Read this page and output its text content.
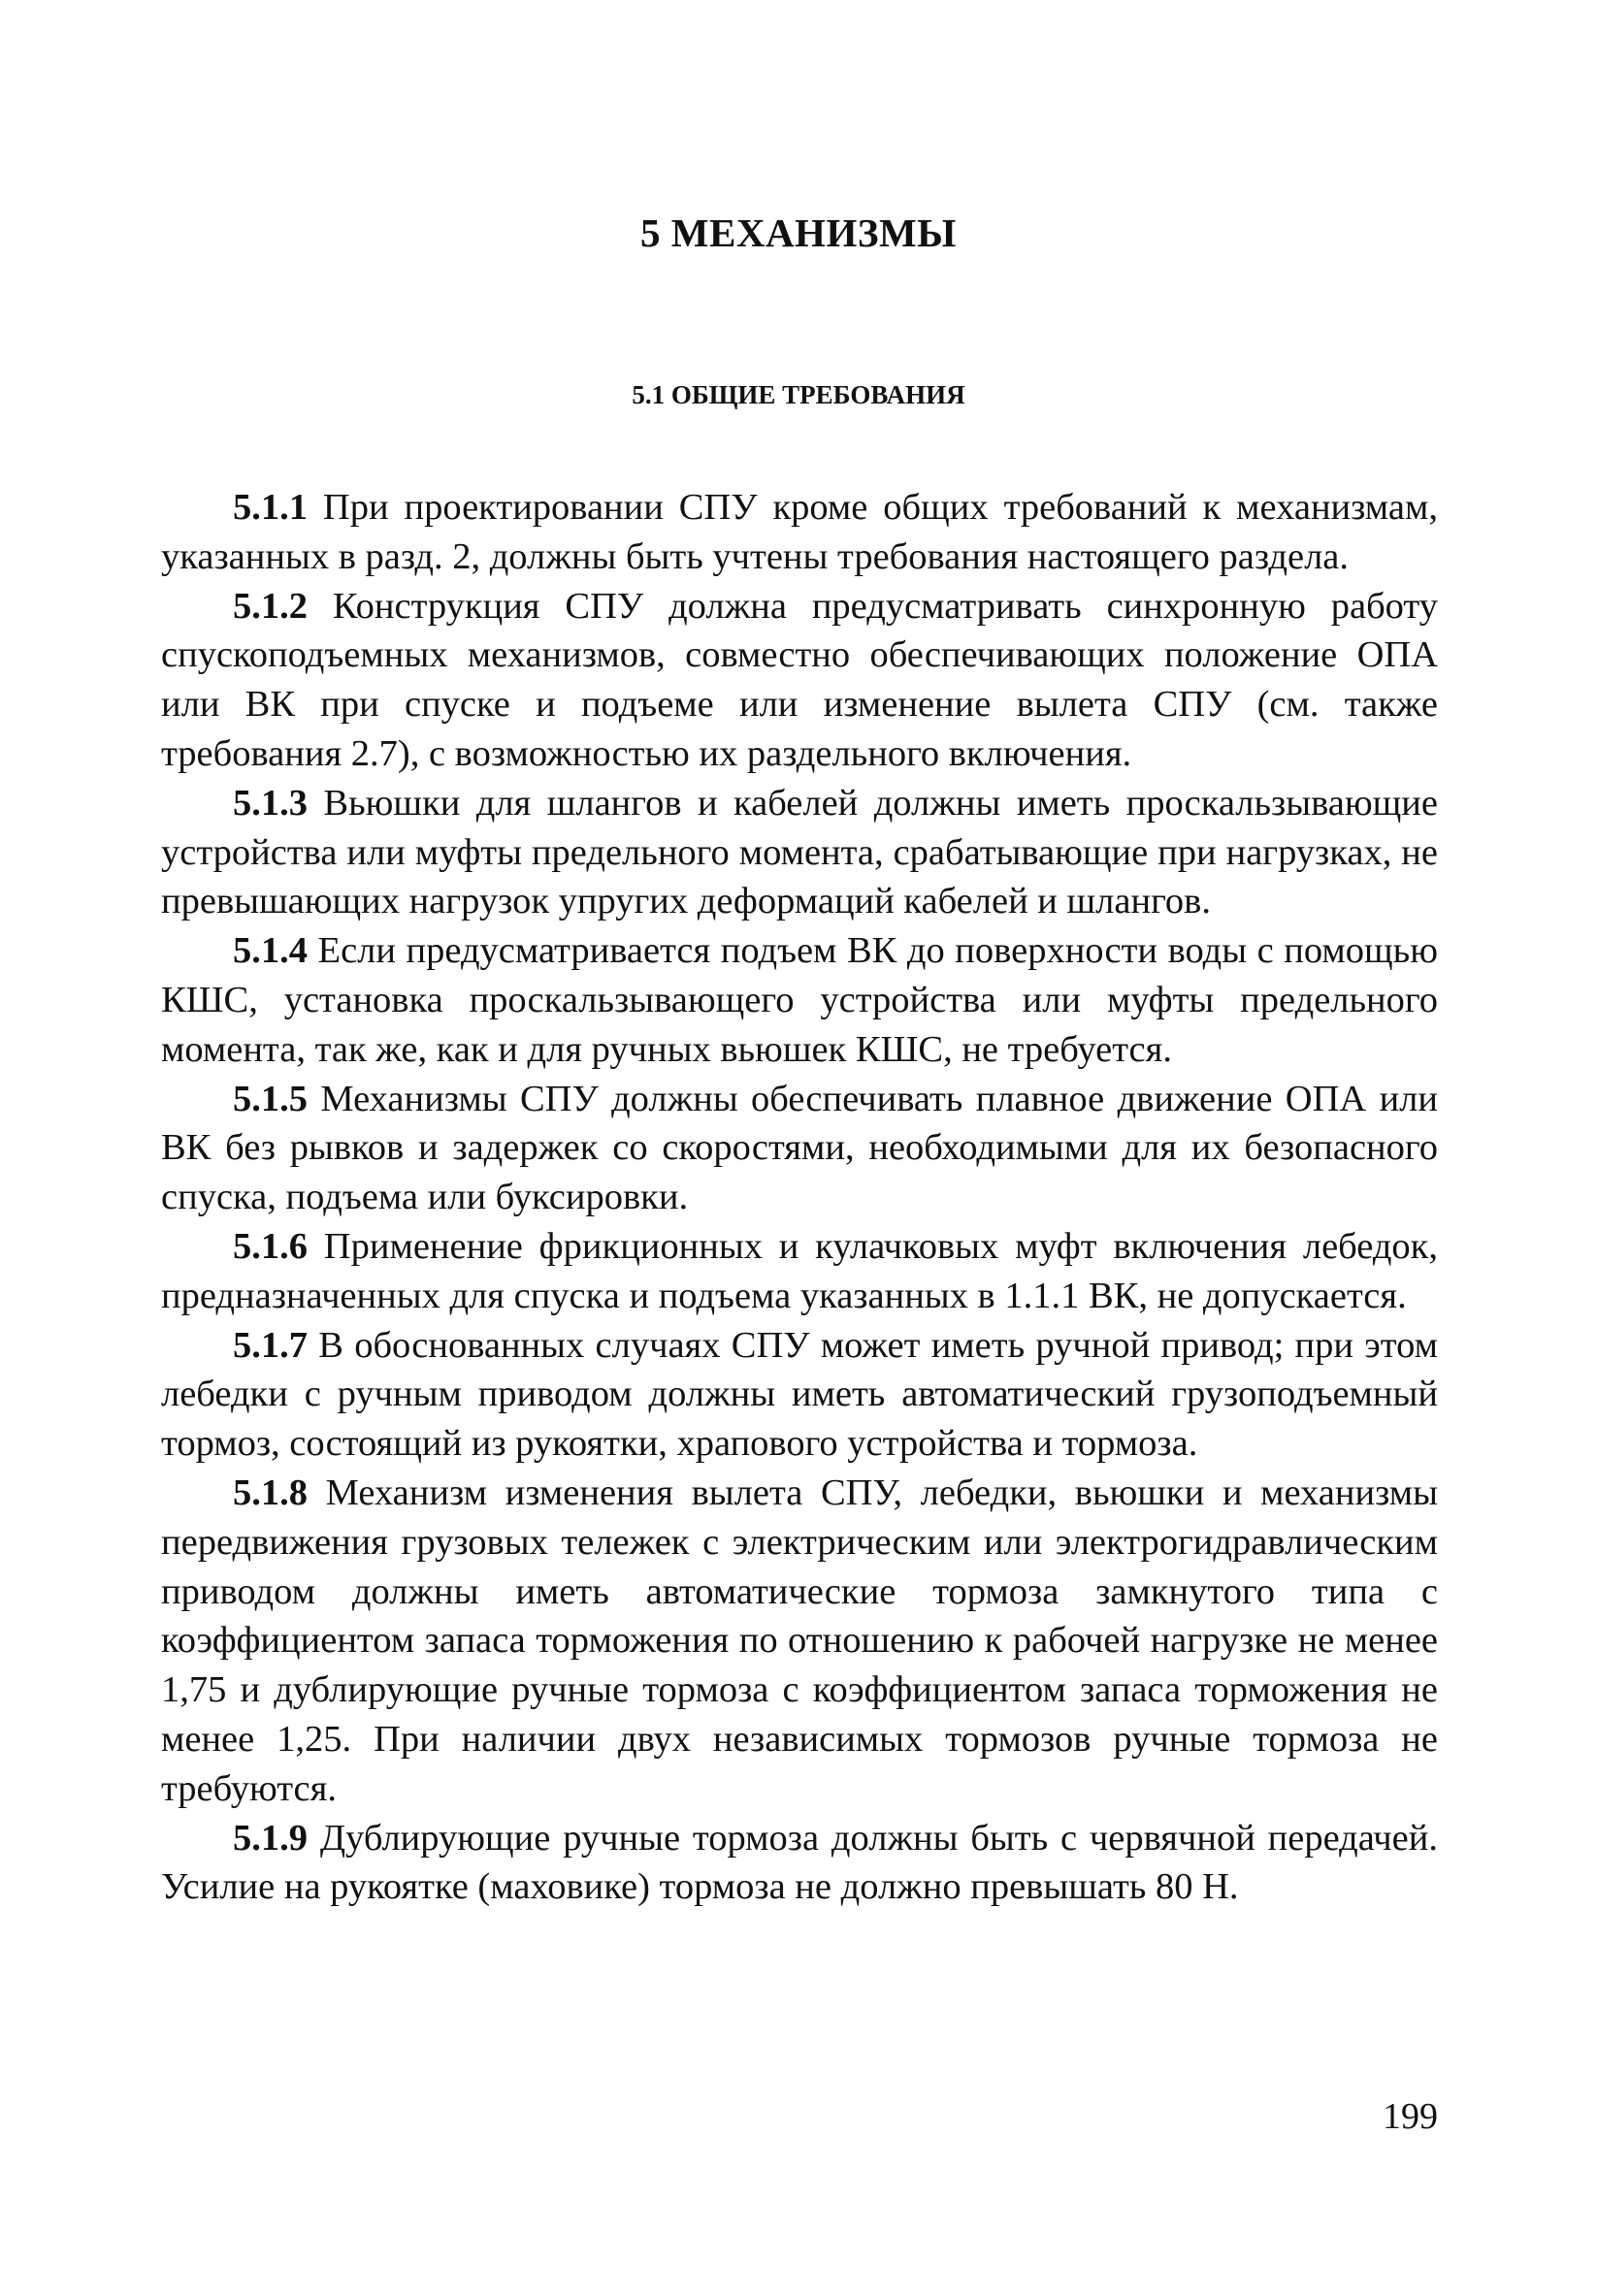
5 МЕХАНИЗМЫ
5.1 ОБЩИЕ ТРЕБОВАНИЯ

5.1.1 При проектировании СПУ кроме общих требований к механизмам, указанных в разд. 2, должны быть учтены требования настоящего раздела.

5.1.2 Конструкция СПУ должна предусматривать синхронную работу спускоподъемных механизмов, совместно обеспечивающих положение ОПА или ВК при спуске и подъеме или изменение вылета СПУ (см. также требования 2.7), с возможностью их раздельного включения.

5.1.3 Вьюшки для шлангов и кабелей должны иметь проскальзывающие устройства или муфты предельного момента, срабатывающие при нагрузках, не превышающих нагрузок упругих деформаций кабелей и шлангов.

5.1.4 Если предусматривается подъем ВК до поверхности воды с помощью КШС, установка проскальзывающего устройства или муфты предельного момента, так же, как и для ручных вьюшек КШС, не требуется.

5.1.5 Механизмы СПУ должны обеспечивать плавное движение ОПА или ВК без рывков и задержек со скоростями, необходимыми для их безопасного спуска, подъема или буксировки.

5.1.6 Применение фрикционных и кулачковых муфт включения лебедок, предназначенных для спуска и подъема указанных в 1.1.1 ВК, не допускается.

5.1.7 В обоснованных случаях СПУ может иметь ручной привод; при этом лебедки с ручным приводом должны иметь автоматический грузоподъемный тормоз, состоящий из рукоятки, храпового устройства и тормоза.

5.1.8 Механизм изменения вылета СПУ, лебедки, вьюшки и механизмы передвижения грузовых тележек с электрическим или электрогидравлическим приводом должны иметь автоматические тормоза замкнутого типа с коэффициентом запаса торможения по отношению к рабочей нагрузке не менее 1,75 и дублирующие ручные тормоза с коэффициентом запаса торможения не менее 1,25. При наличии двух независимых тормозов ручные тормоза не требуются.

5.1.9 Дублирующие ручные тормоза должны быть с червячной передачей. Усилие на рукоятке (маховике) тормоза не должно превышать 80 Н.

199
